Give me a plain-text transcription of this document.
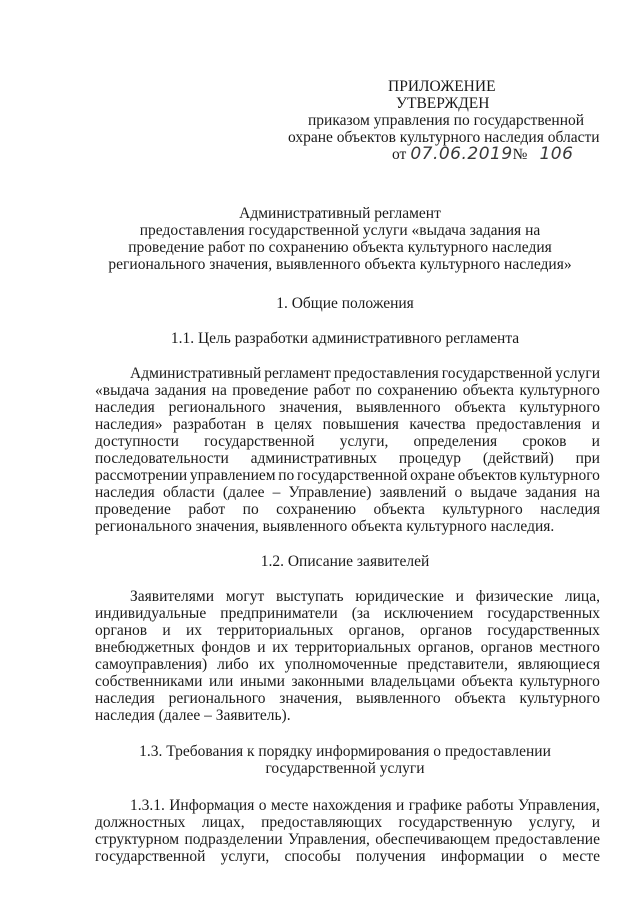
ПРИЛОЖЕНИЕ
УТВЕРЖДЕН
приказом управления по государственной
охране объектов культурного наследия области
от 07.06.2019№ 106
Административный регламент
предоставления государственной услуги «выдача задания на
проведение работ по сохранению объекта культурного наследия
регионального значения, выявленного объекта культурного наследия»
1. Общие положения
1.1. Цель разработки административного регламента
Административный регламент предоставления государственной услуги
«выдача задания на проведение работ по сохранению объекта культурного
наследия регионального значения, выявленного объекта культурного
наследия» разработан в целях повышения качества предоставления и
доступности государственной услуги, определения сроков и
последовательности административных процедур (действий) при
рассмотрении управлением по государственной охране объектов культурного
наследия области (далее – Управление) заявлений о выдаче задания на
проведение работ по сохранению объекта культурного наследия
регионального значения, выявленного объекта культурного наследия.
1.2. Описание заявителей
Заявителями могут выступать юридические и физические лица,
индивидуальные предприниматели (за исключением государственных
органов и их территориальных органов, органов государственных
внебюджетных фондов и их территориальных органов, органов местного
самоуправления) либо их уполномоченные представители, являющиеся
собственниками или иными законными владельцами объекта культурного
наследия регионального значения, выявленного объекта культурного
наследия (далее – Заявитель).
1.3. Требования к порядку информирования о предоставлении
государственной услуги
1.3.1. Информация о месте нахождения и графике работы Управления,
должностных лицах, предоставляющих государственную услугу, и
структурном подразделении Управления, обеспечивающем предоставление
государственной услуги, способы получения информации о месте
